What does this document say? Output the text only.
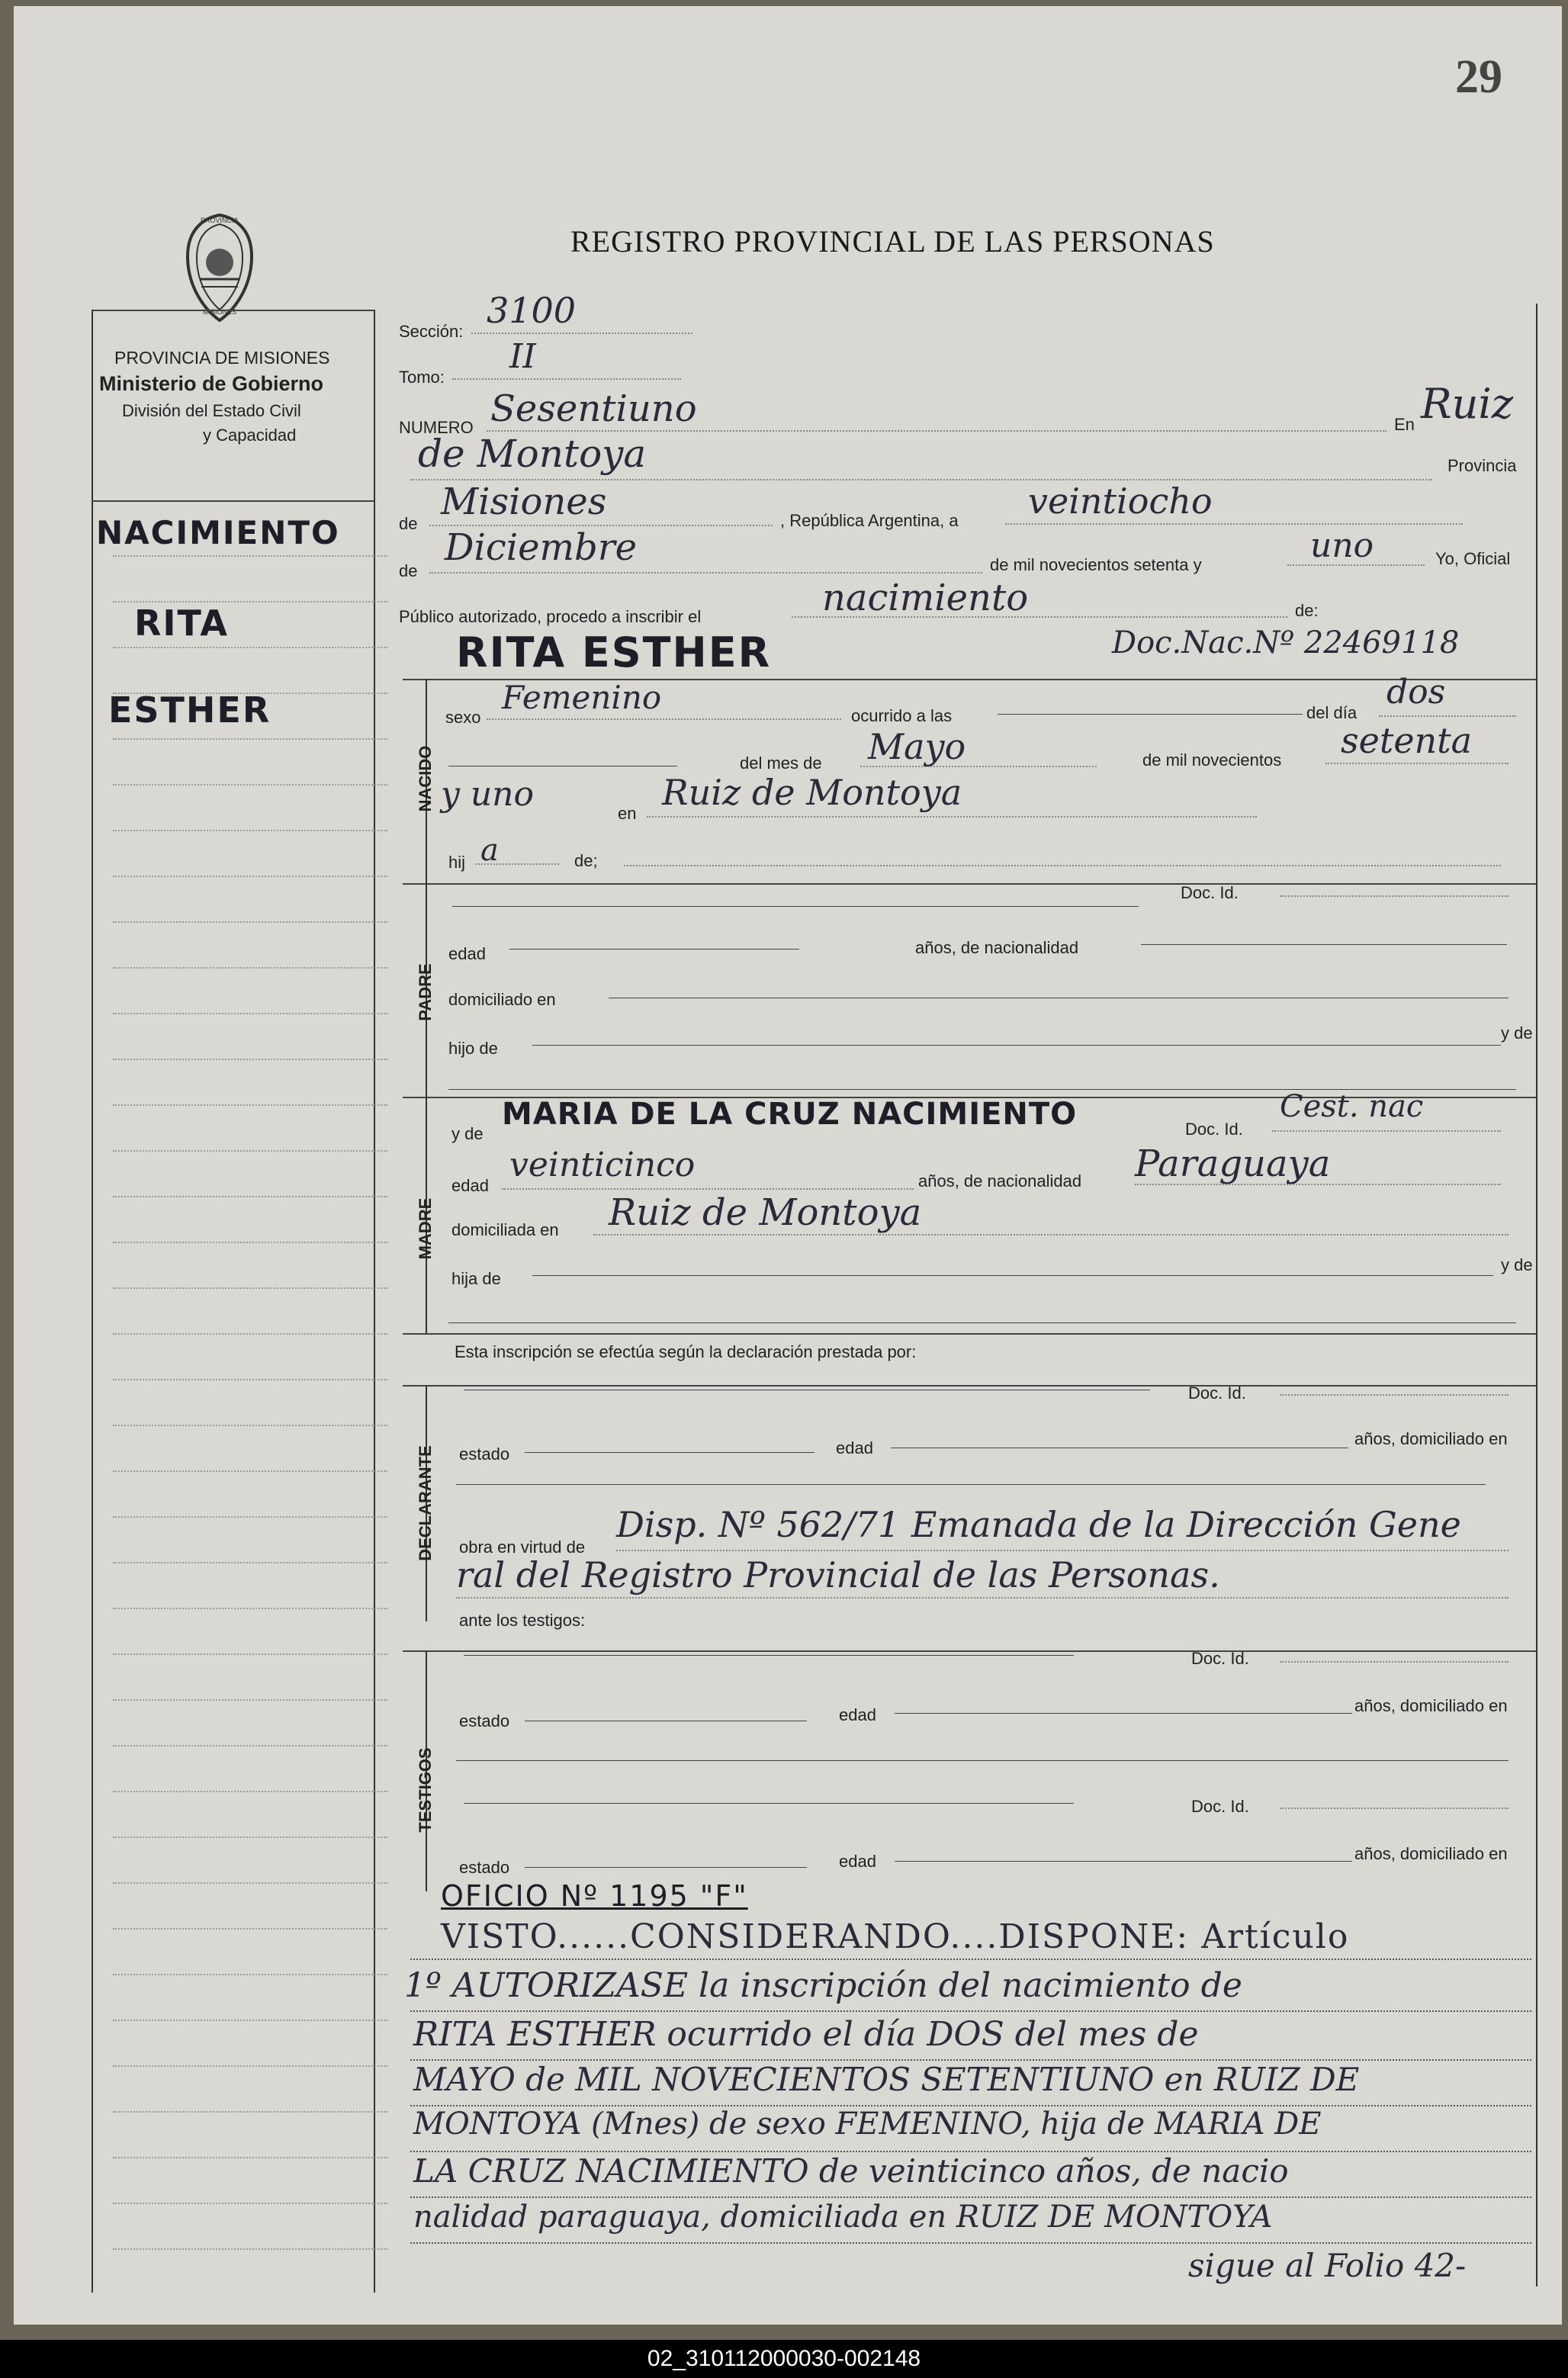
29
REGISTRO PROVINCIAL DE LAS PERSONAS
PROVINCIA
MISIONES
PROVINCIA DE MISIONES
Ministerio de Gobierno
División del Estado Civil
y Capacidad
NACIMIENTO
RITA
ESTHER
Sección:
3100
Tomo:
II
NUMERO Sesentiuno	En Ruiz
de Montoya	Provincia
de
Misiones	, República Argentina, a veintiocho
de
Diciembre	de mil novecientos setenta y	uno	Yo, Oficial
Público autorizado, procedo a inscribir el	nacimiento	de:
NACIDO
RITA ESTHER	Doc.Nac.Nº 22469118
sexo
Femenino	ocurrido a las	del día
dos
del mes de Mayo	de mil novecientos setenta
y uno	en
Ruiz de Montoya
hij a	de;
PADRE
Doc. Id.
edad	años, de nacionalidad
domiciliado en
hijo de
y de
MADRE
y de
MARIA DE LA CRUZ NACIMIENTO	Doc. Id.
Cest. nac
edad
veinticinco	años, de nacionalidad Paraguaya
domiciliada en Ruiz de Montoya
hija de
y de
Esta inscripción se efectúa según la declaración prestada por:
DECLARANTE
Doc. Id.
estado	edad	años, domiciliado en
obra en virtud de
Disp. Nº 562/71 Emanada de la Dirección Gene
ral del Registro Provincial de las Personas.
ante los testigos:
TESTIGOS
Doc. Id.
estado	edad	años, domiciliado en
Doc. Id.
estado	edad	años, domiciliado en
OFICIO Nº 1195 "F"
VISTO......CONSIDERANDO....DISPONE: Artículo
1º AUTORIZASE la inscripción del nacimiento de
RITA ESTHER ocurrido el día DOS del mes de
MAYO de MIL NOVECIENTOS SETENTIUNO en RUIZ DE
MONTOYA (Mnes) de sexo FEMENINO, hija de MARIA DE
LA CRUZ NACIMIENTO de veinticinco años, de nacio
nalidad paraguaya, domiciliada en RUIZ DE MONTOYA
sigue al Folio 42-
02_310112000030-002148
